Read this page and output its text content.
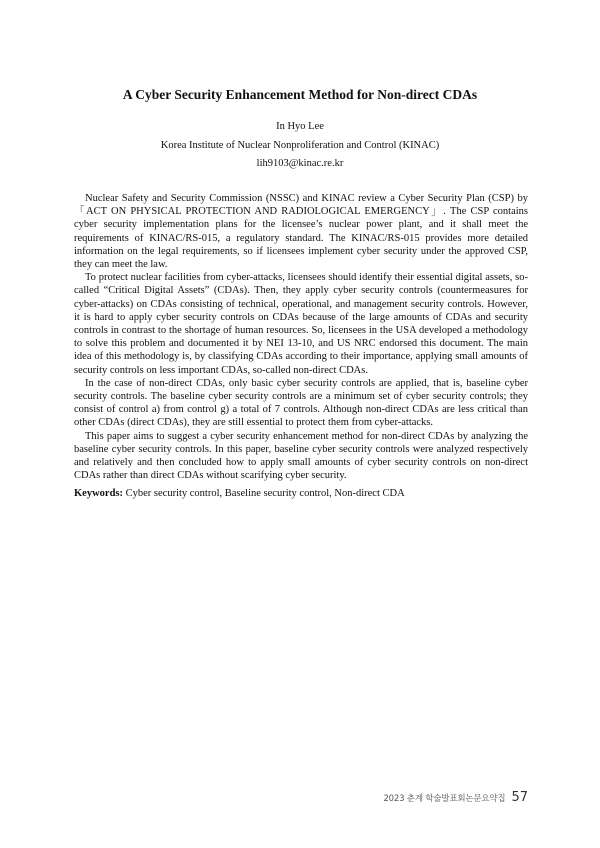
A Cyber Security Enhancement Method for Non-direct CDAs
In Hyo Lee
Korea Institute of Nuclear Nonproliferation and Control (KINAC)
lih9103@kinac.re.kr

Nuclear Safety and Security Commission (NSSC) and KINAC review a Cyber Security Plan (CSP) by「ACT ON PHYSICAL PROTECTION AND RADIOLOGICAL EMERGENCY」. The CSP contains cyber security implementation plans for the licensee’s nuclear power plant, and it shall meet the requirements of KINAC/RS-015, a regulatory standard. The KINAC/RS-015 provides more detailed information on the legal requirements, so if licensees implement cyber security under the approved CSP, they can meet the law.

To protect nuclear facilities from cyber-attacks, licensees should identify their essential digital assets, so-called “Critical Digital Assets” (CDAs). Then, they apply cyber security controls (countermeasures for cyber-attacks) on CDAs consisting of technical, operational, and management security controls. However, it is hard to apply cyber security controls on CDAs because of the large amounts of CDAs and security controls in contrast to the shortage of human resources. So, licensees in the USA developed a methodology to solve this problem and documented it by NEI 13-10, and US NRC endorsed this document. The main idea of this methodology is, by classifying CDAs according to their importance, applying small amounts of security controls on less important CDAs, so-called non-direct CDAs.

In the case of non-direct CDAs, only basic cyber security controls are applied, that is, baseline cyber security controls. The baseline cyber security controls are a minimum set of cyber security controls; they consist of control a) from control g) a total of 7 controls. Although non-direct CDAs are less critical than other CDAs (direct CDAs), they are still essential to protect them from cyber-attacks.

This paper aims to suggest a cyber security enhancement method for non-direct CDAs by analyzing the baseline cyber security controls. In this paper, baseline cyber security controls were analyzed respectively and relatively and then concluded how to apply small amounts of cyber security controls on non-direct CDAs rather than direct CDAs without scarifying cyber security.

Keywords: Cyber security control, Baseline security control, Non-direct CDA
2023 춘계 학술발표회논문요약집 57
